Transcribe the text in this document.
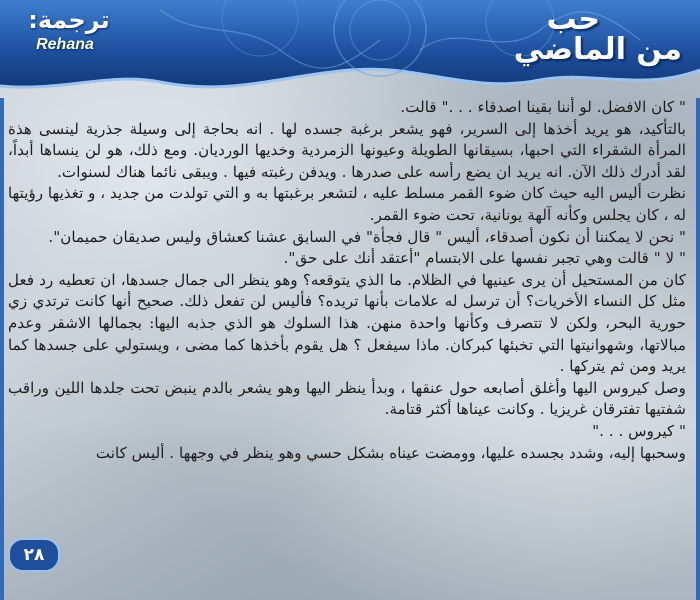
ترجمة:
Rehana
حب
من الماضي

" كان الافضل. لو أننا بقينا اصدقاء . . ." قالت.

بالتأكيد، هو يريد أخذها إلى السرير، فهو يشعر برغبة جسده لها . انه بحاجة إلى وسيلة جذرية لينسى هذة المرأة الشقراء التي احبها، بسيقانها الطويلة وعيونها الزمردية وخديها الورديان. ومع ذلك، هو لن ينساها أبداً، لقد أدرك ذلك الآن. انه يريد ان يضع رأسه على صدرها . ويدفن رغبته فيها . ويبقى نائما هناك لسنوات.

نظرت أليس اليه حيث كان ضوء القمر مسلط عليه ، لتشعر برغبتها به و التي تولدت من جديد ، و تغذيها رؤيتها له ، كان يجلس وكأنه آلهة يونانية، تحت ضوء القمر.

" نحن لا يمكننا أن نكون أصدقاء، أليس " قال فجأة" في السابق عشنا كعشاق وليس صديقان حميمان".

" لا " قالت وهي تجبر نفسها على الابتسام "أعتقد أنك على حق".

كان من المستحيل أن يرى عينيها في الظلام. ما الذي يتوقعه؟ وهو ينظر الى جمال جسدها، ان تعطيه رد فعل مثل كل النساء الأخريات؟ أن ترسل له علامات بأنها تريده؟ فأليس لن تفعل ذلك. صحيح أنها كانت ترتدي زي حورية البحر، ولكن لا تتصرف وكأنها واحدة منهن. هذا السلوك هو الذي جذبه اليها: بجمالها الاشقر وعدم مبالاتها، وشهوانيتها التي تخبئها كبركان. ماذا سيفعل ؟ هل يقوم بأخذها كما مضى ، ويستولي على جسدها كما يريد ومن ثم يتركها .

وصل كيروس اليها وأغلق أصابعه حول عنقها ، وبدأ ينظر اليها وهو يشعر بالدم ينبض تحت جلدها اللين وراقب شفتيها تفترقان غريزيا . وكانت عيناها أكثر قتامة.

" كيروس . . ."

وسحبها إليه، وشدد بجسده عليها، وومضت عيناه بشكل حسي وهو ينظر في وجهها . أليس كانت

٢٨
